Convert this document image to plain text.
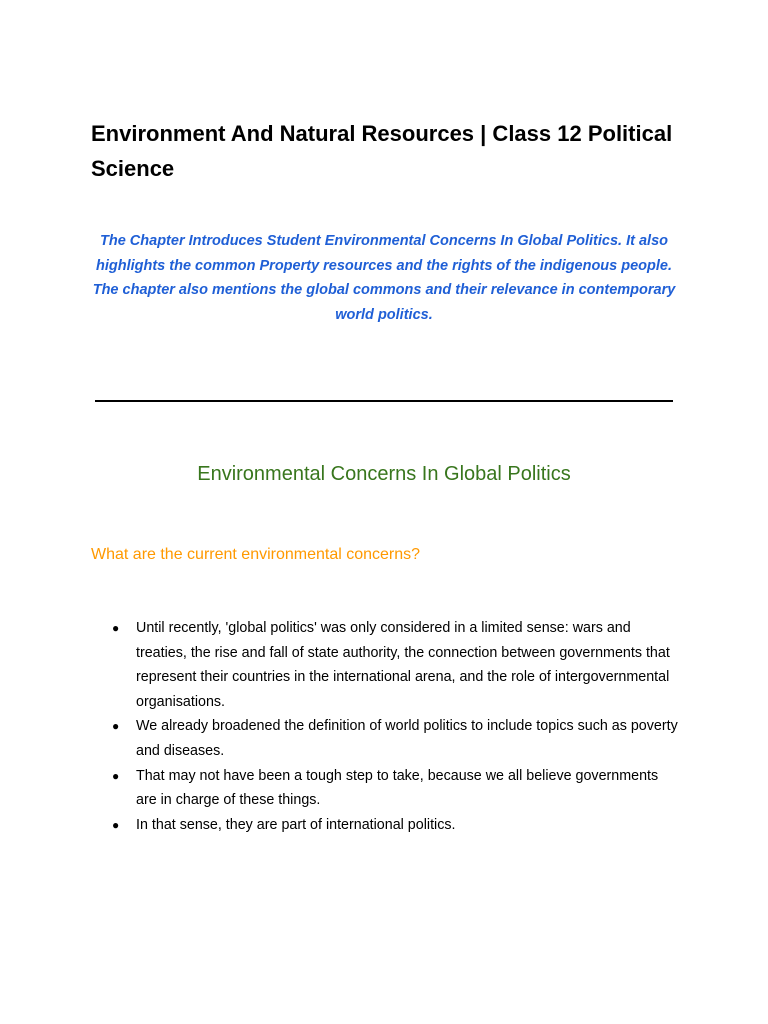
Environment And Natural Resources | Class 12 Political Science

The Chapter Introduces Student Environmental Concerns In Global Politics. It also highlights the common Property resources and the rights of the indigenous people. The chapter also mentions the global commons and their relevance in contemporary world politics.

Environmental Concerns In Global Politics
What are the current environmental concerns?
● Until recently, 'global politics' was only considered in a limited sense: wars and treaties, the rise and fall of state authority, the connection between governments that represent their countries in the international arena, and the role of intergovernmental organisations.
● We already broadened the definition of world politics to include topics such as poverty and diseases.
● That may not have been a tough step to take, because we all believe governments are in charge of these things.
● In that sense, they are part of international politics.
